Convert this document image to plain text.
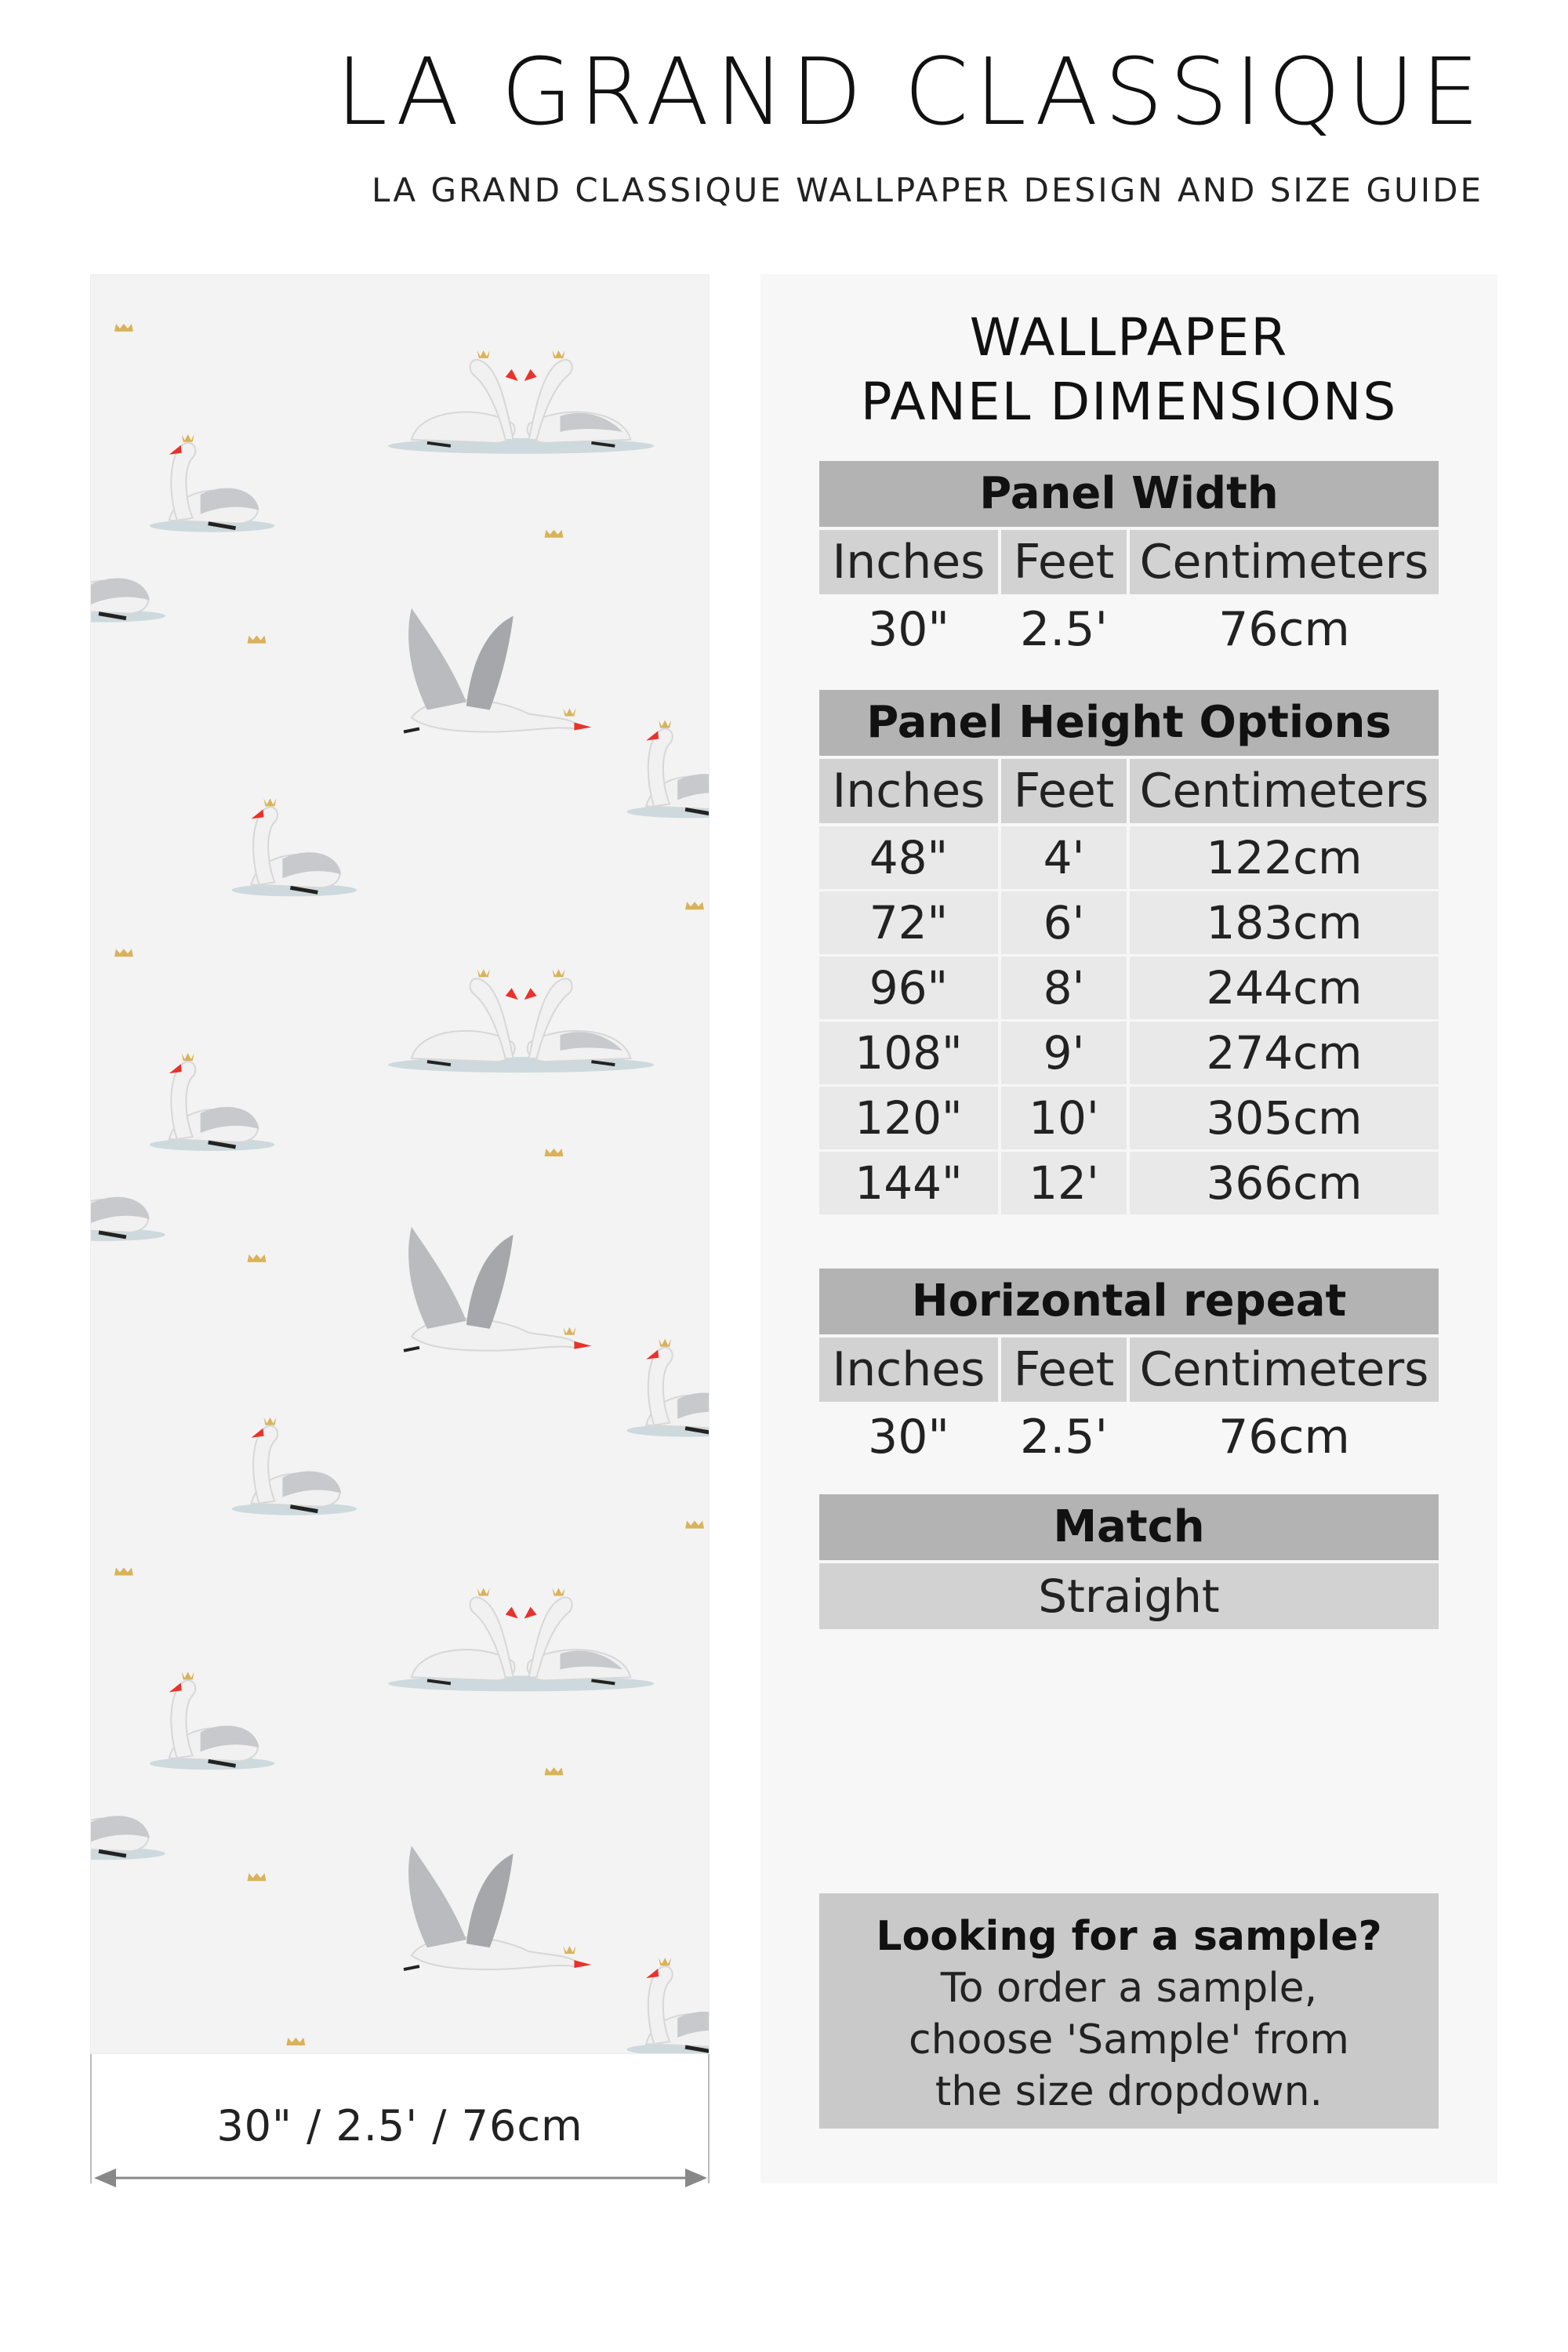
LA GRAND CLASSIQUE
LA GRAND CLASSIQUE WALLPAPER DESIGN AND SIZE GUIDE
30" / 2.5' / 76cm
WALLPAPER
PANEL DIMENSIONS
Panel Width
Inches Feet Centimeters
30"	2.5'	76cm
Panel Height Options
Inches Feet Centimeters
48"	4'	122cm
72"	6'	183cm
96"	8'	244cm
108"	9'	274cm
120"	10'	305cm
144"	12'	366cm
Horizontal repeat
Inches Feet Centimeters
30"	2.5'	76cm
Match
Straight
Looking for a sample?
To order a sample,
choose 'Sample' from
the size dropdown.
